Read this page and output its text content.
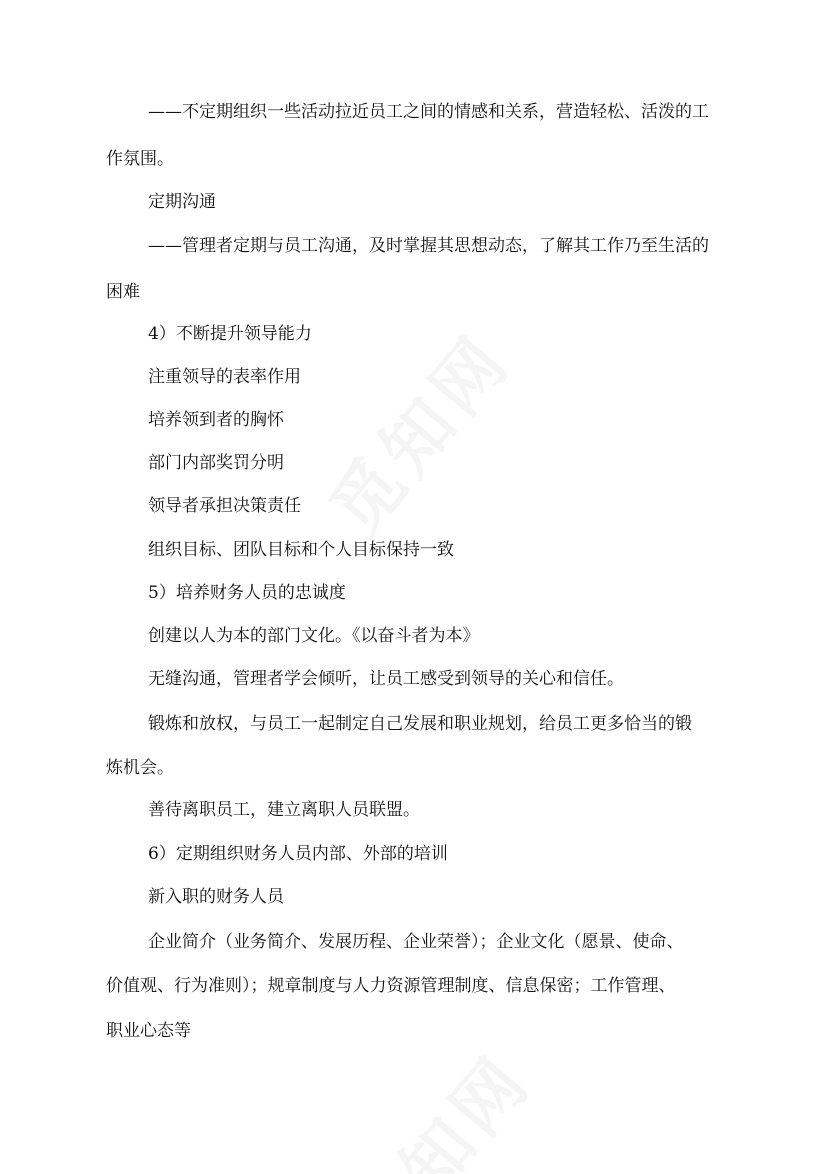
——不定期组织一些活动拉近员工之间的情感和关系，营造轻松、活泼的工
作氛围。
定期沟通
——管理者定期与员工沟通，及时掌握其思想动态，了解其工作乃至生活的
困难
4）不断提升领导能力
注重领导的表率作用
培养领到者的胸怀
部门内部奖罚分明
领导者承担决策责任
组织目标、团队目标和个人目标保持一致
5）培养财务人员的忠诚度
创建以人为本的部门文化。《以奋斗者为本》
无缝沟通，管理者学会倾听，让员工感受到领导的关心和信任。
锻炼和放权，与员工一起制定自己发展和职业规划，给员工更多恰当的锻
炼机会。
善待离职员工，建立离职人员联盟。
6）定期组织财务人员内部、外部的培训
新入职的财务人员
企业简介（业务简介、发展历程、企业荣誉）；企业文化（愿景、使命、
价值观、行为准则）；规章制度与人力资源管理制度、信息保密；工作管理、
职业心态等
